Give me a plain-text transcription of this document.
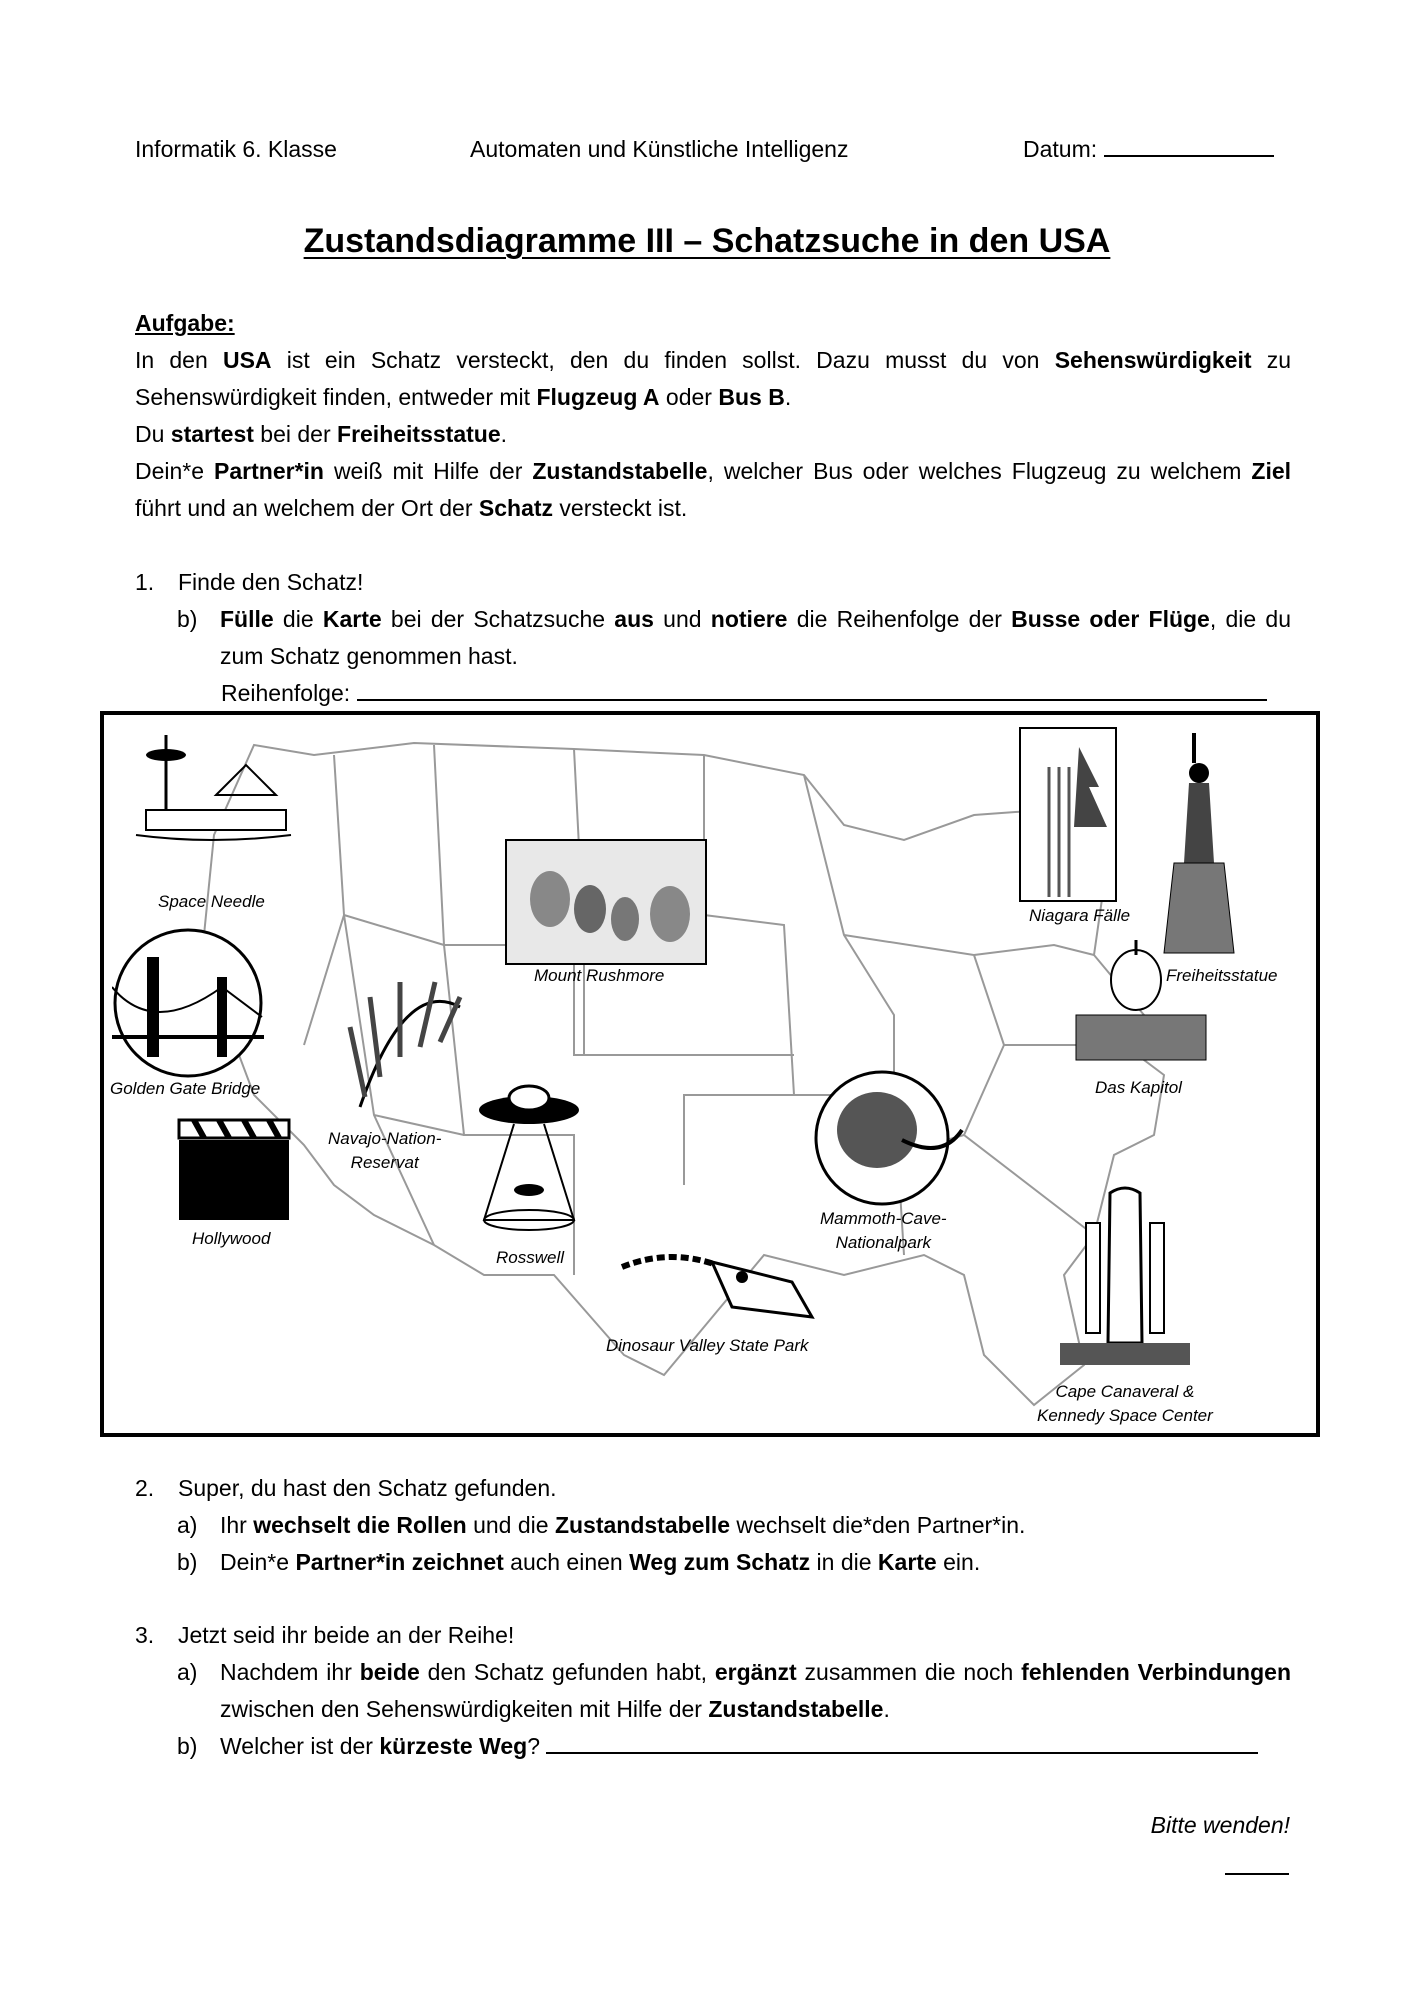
Informatik 6. Klasse	Automaten und Künstliche Intelligenz	Datum:
Zustandsdiagramme III – Schatzsuche in den USA

Aufgabe:

In den USA ist ein Schatz versteckt, den du finden sollst. Dazu musst du von Sehenswürdigkeit zu Sehenswürdigkeit finden, entweder mit Flugzeug A oder Bus B.

Du startest bei der Freiheitsstatue.

Dein*e Partner*in weiß mit Hilfe der Zustandstabelle, welcher Bus oder welches Flugzeug zu welchem Ziel führt und an welchem der Ort der Schatz versteckt ist.

1. Finde den Schatz!
b) Fülle die Karte bei der Schatzsuche aus und notiere die Reihenfolge der Busse oder Flüge, die du zum Schatz genommen hast.
Reihenfolge:
Space Needle
Mount Rushmore
Niagara Fälle
Freiheitsstatue
Golden Gate Bridge
Navajo-Nation-
Reservat
Das Kapitol
Hollywood
Rosswell
Mammoth-Cave-
Nationalpark
Dinosaur Valley State Park
Cape Canaveral &
Kennedy Space Center
2. Super, du hast den Schatz gefunden.
a) Ihr wechselt die Rollen und die Zustandstabelle wechselt die*den Partner*in.
b) Dein*e Partner*in zeichnet auch einen Weg zum Schatz in die Karte ein.
3. Jetzt seid ihr beide an der Reihe!
a) Nachdem ihr beide den Schatz gefunden habt, ergänzt zusammen die noch fehlenden Verbindungen zwischen den Sehenswürdigkeiten mit Hilfe der Zustandstabelle.
b) Welcher ist der kürzeste Weg?
Bitte wenden!
